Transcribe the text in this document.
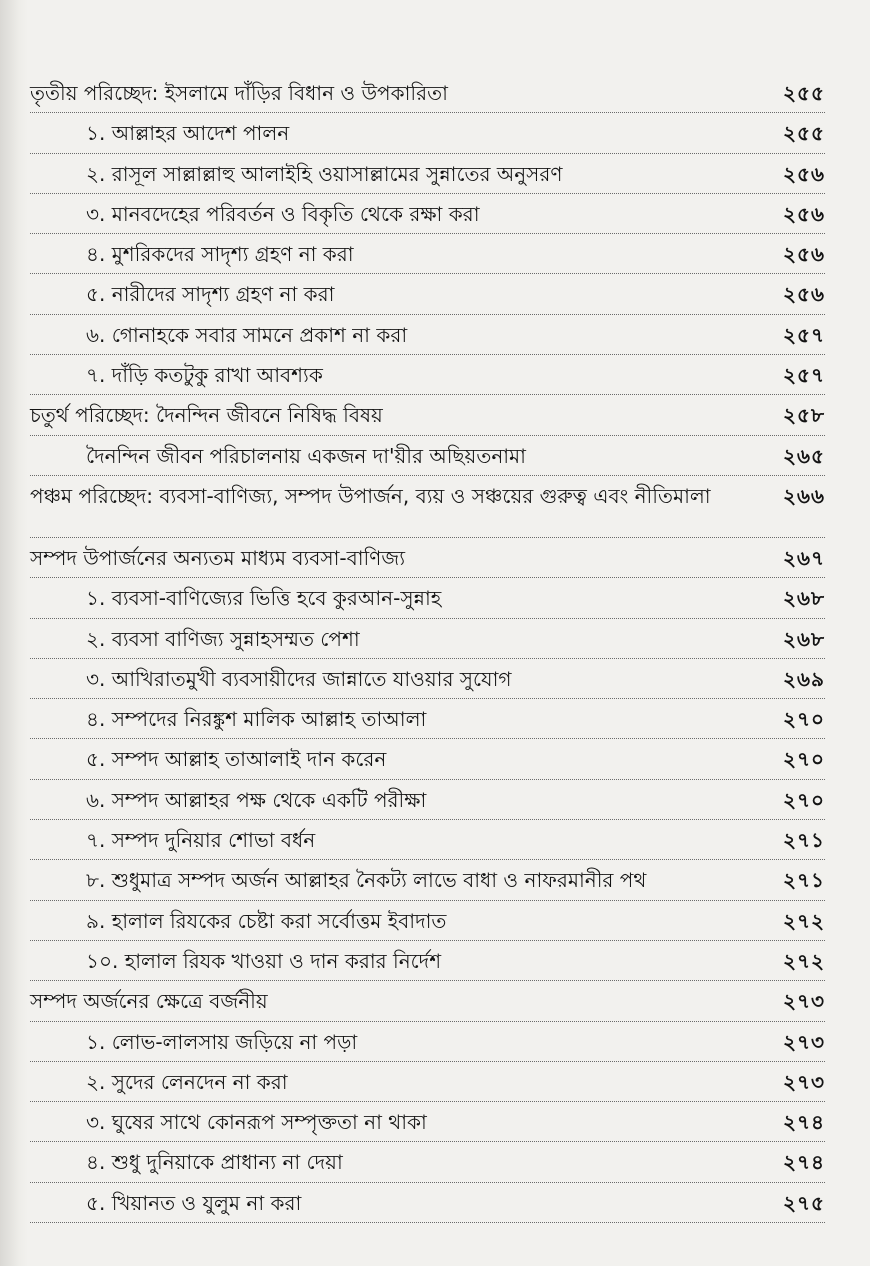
তৃতীয় পরিচ্ছেদ: ইসলামে দাঁড়ির বিধান ও উপকারিতা	২৫৫
১. আল্লাহর আদেশ পালন	২৫৫
২. রাসূল সাল্লাল্লাহু আলাইহি ওয়াসাল্লামের সুন্নাতের অনুসরণ	২৫৬
৩. মানবদেহের পরিবর্তন ও বিকৃতি থেকে রক্ষা করা	২৫৬
৪. মুশরিকদের সাদৃশ্য গ্রহণ না করা	২৫৬
৫. নারীদের সাদৃশ্য গ্রহণ না করা	২৫৬
৬. গোনাহকে সবার সামনে প্রকাশ না করা	২৫৭
৭. দাঁড়ি কতটুকু রাখা আবশ্যক	২৫৭
চতুর্থ পরিচ্ছেদ: দৈনন্দিন জীবনে নিষিদ্ধ বিষয়	২৫৮
দৈনন্দিন জীবন পরিচালনায় একজন দা'য়ীর অছিয়তনামা	২৬৫
পঞ্চম পরিচ্ছেদ: ব্যবসা-বাণিজ্য, সম্পদ উপার্জন, ব্যয় ও সঞ্চয়ের গুরুত্ব এবং নীতিমালা	২৬৬
সম্পদ উপার্জনের অন্যতম মাধ্যম ব্যবসা-বাণিজ্য	২৬৭
১. ব্যবসা-বাণিজ্যের ভিত্তি হবে কুরআন-সুন্নাহ	২৬৮
২. ব্যবসা বাণিজ্য সুন্নাহসম্মত পেশা	২৬৮
৩. আখিরাতমুখী ব্যবসায়ীদের জান্নাতে যাওয়ার সুযোগ	২৬৯
৪. সম্পদের নিরঙ্কুশ মালিক আল্লাহ তাআলা	২৭০
৫. সম্পদ আল্লাহ তাআলাই দান করেন	২৭০
৬. সম্পদ আল্লাহর পক্ষ থেকে একটি পরীক্ষা	২৭০
৭. সম্পদ দুনিয়ার শোভা বর্ধন	২৭১
৮. শুধুমাত্র সম্পদ অর্জন আল্লাহর নৈকট্য লাভে বাধা ও নাফরমানীর পথ	২৭১
৯. হালাল রিযকের চেষ্টা করা সর্বোত্তম ইবাদাত	২৭২
১০. হালাল রিযক খাওয়া ও দান করার নির্দেশ	২৭২
সম্পদ অর্জনের ক্ষেত্রে বর্জনীয়	২৭৩
১. লোভ-লালসায় জড়িয়ে না পড়া	২৭৩
২. সুদের লেনদেন না করা	২৭৩
৩. ঘুষের সাথে কোনরূপ সম্পৃক্ততা না থাকা	২৭৪
৪. শুধু দুনিয়াকে প্রাধান্য না দেয়া	২৭৪
৫. খিয়ানত ও যুলুম না করা	২৭৫
